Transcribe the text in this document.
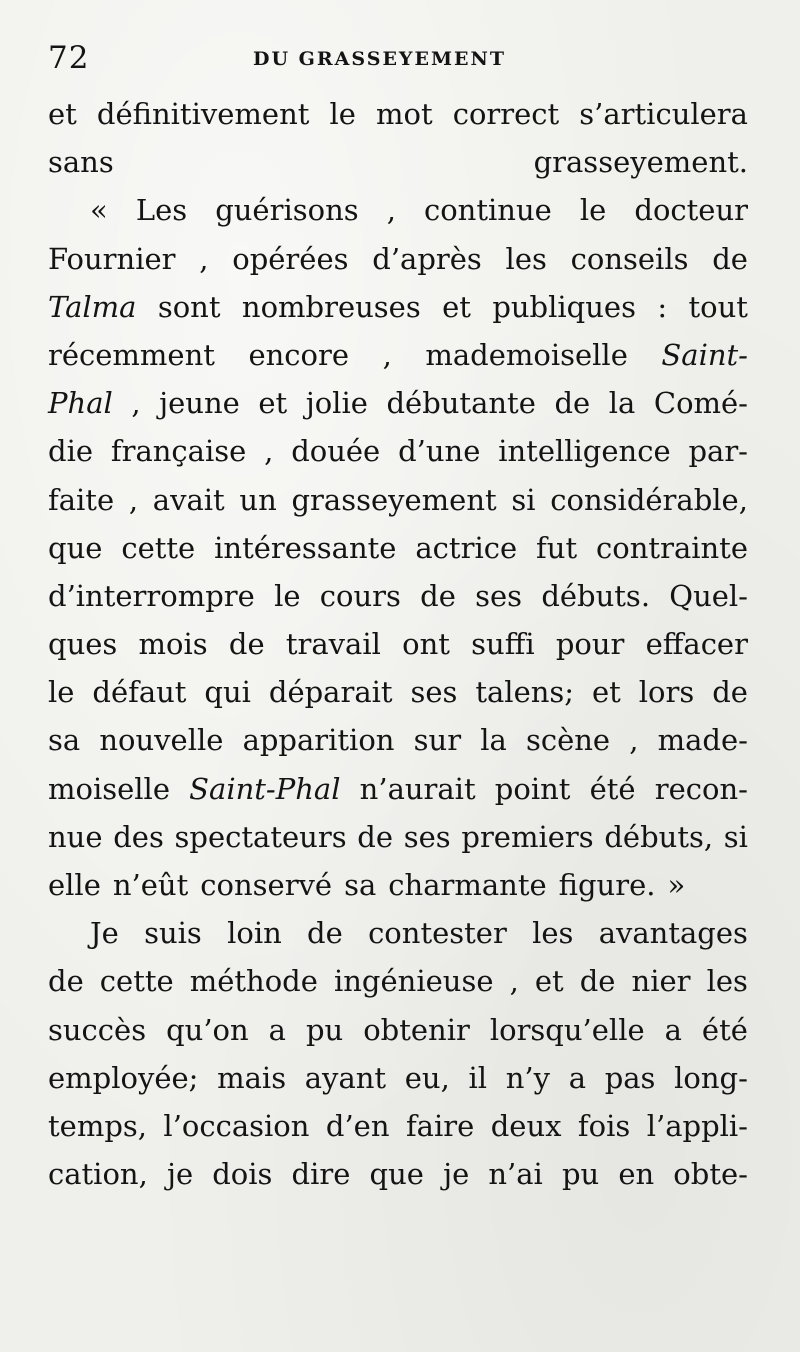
72	DU GRASSEYEMENT
et définitivement le mot correct s’articulera
sans	grasseyement.
« Les guérisons , continue le docteur
Fournier , opérées d’après les conseils de
Talma sont nombreuses et publiques : tout
récemment encore , mademoiselle Saint-
Phal , jeune et jolie débutante de la Comé-
die française , douée d’une intelligence par-
faite , avait un grasseyement si considérable,
que cette intéressante actrice fut contrainte
d’interrompre le cours de ses débuts. Quel-
ques mois de travail ont suffi pour effacer
le défaut qui déparait ses talens; et lors de
sa nouvelle apparition sur la scène , made-
moiselle Saint-Phal n’aurait point été recon-
nue des spectateurs de ses premiers débuts, si
elle n’eût conservé sa charmante figure. »
Je suis loin de contester les avantages
de cette méthode ingénieuse , et de nier les
succès qu’on a pu obtenir lorsqu’elle a été
employée; mais ayant eu, il n’y a pas long-
temps, l’occasion d’en faire deux fois l’appli-
cation, je dois dire que je n’ai pu en obte-
